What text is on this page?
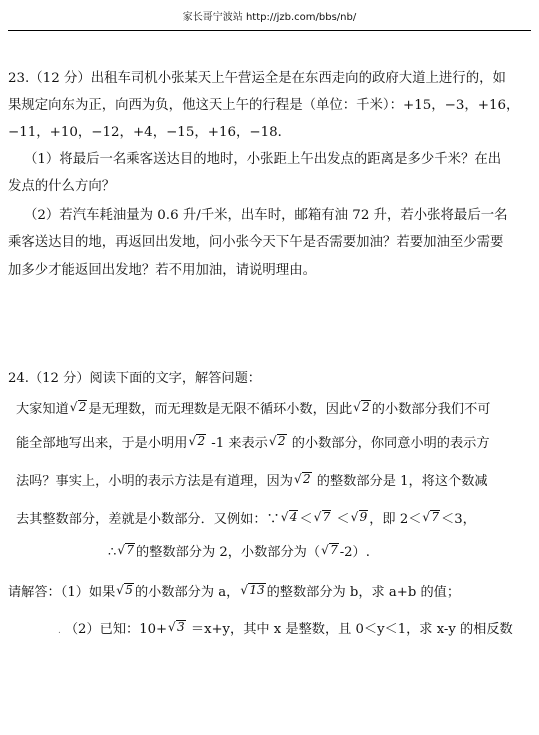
家长哥宁波站 http://jzb.com/bbs/nb/
23.（12 分）出租车司机小张某天上午营运全是在东西走向的政府大道上进行的，如
果规定向东为正，向西为负，他这天上午的行程是（单位：千米）：+15，−3，+16，
−11，+10，−12，+4，−15，+16，−18．
（1）将最后一名乘客送达目的地时，小张距上午出发点的距离是多少千米？在出
发点的什么方向？
（2）若汽车耗油量为 0.6 升/千米，出车时，邮箱有油 72 升，若小张将最后一名
乘客送达目的地，再返回出发地，问小张今天下午是否需要加油？若要加油至少需要
加多少才能返回出发地？若不用加油，请说明理由。
24.（12 分）阅读下面的文字，解答问题：
大家知道 √ 2 是无理数，而无理数是无限不循环小数，因此 √ 2 的小数部分我们不可
能全部地写出来，于是小明用 √ 2 -1 来表示 √ 2 的小数部分，你同意小明的表示方
法吗？事实上，小明的表示方法是有道理，因为 √ 2 的整数部分是 1，将这个数减
去其整数部分，差就是小数部分．又例如：∵ √ 4 ＜ √ 7 ＜ √ 9 ，即 2＜ √ 7 ＜3，
∴ √ 7 的整数部分为 2，小数部分为（ √ 7 -2）.
请解答：（1）如果 √ 5 的小数部分为 a， √ 13 的整数部分为 b，求 a+b 的值；
. （2）已知：10+ √ 3 ＝x+y，其中 x 是整数，且 0＜y＜1，求 x-y 的相反数
